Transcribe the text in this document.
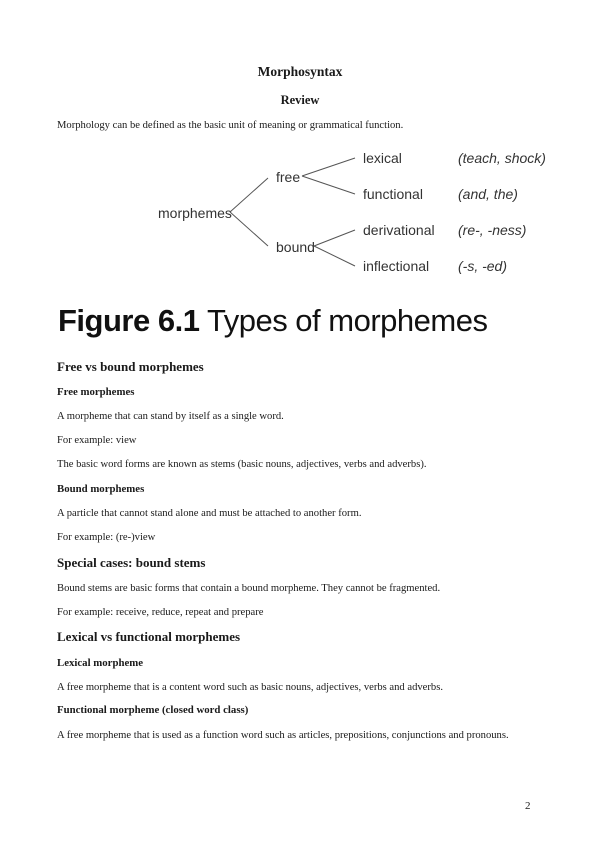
Morphosyntax
Review
Morphology can be defined as the basic unit of meaning or grammatical function.
morphemes
free
bound
lexical
functional
derivational
inflectional
(teach, shock)
(and, the)
(re-, -ness)
(-s, -ed)
Figure 6.1 Types of morphemes
Free vs bound morphemes
Free morphemes
A morpheme that can stand by itself as a single word.
For example: view
The basic word forms are known as stems (basic nouns, adjectives, verbs and adverbs).
Bound morphemes
A particle that cannot stand alone and must be attached to another form.
For example: (re-)view
Special cases: bound stems
Bound stems are basic forms that contain a bound morpheme. They cannot be fragmented.
For example: receive, reduce, repeat and prepare
Lexical vs functional morphemes
Lexical morpheme
A free morpheme that is a content word such as basic nouns, adjectives, verbs and adverbs.
Functional morpheme (closed word class)
A free morpheme that is used as a function word such as articles, prepositions, conjunctions and pronouns.
2
